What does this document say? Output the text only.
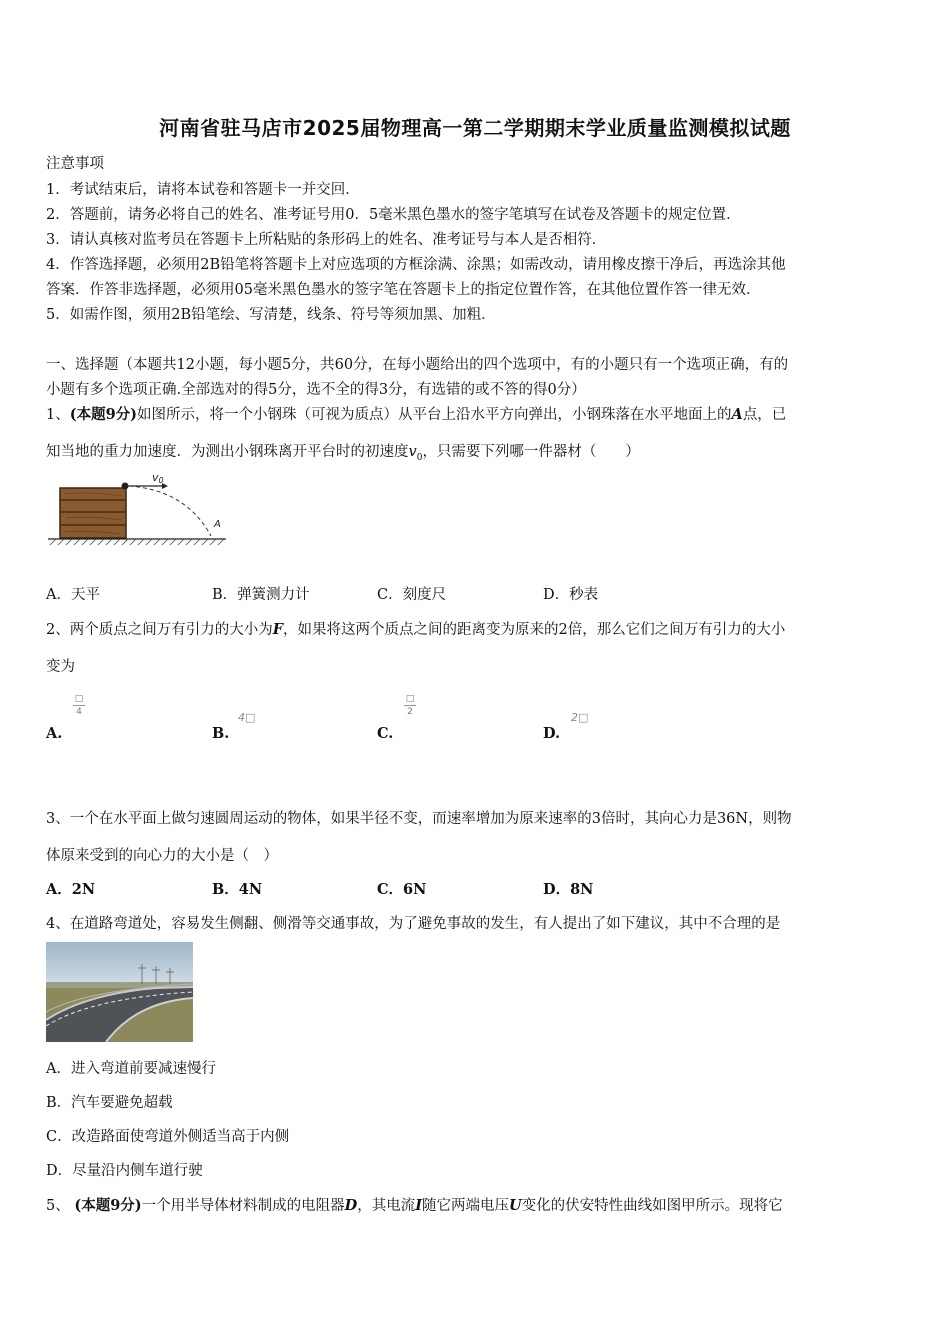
河南省驻马店市2025届物理高一第二学期期末学业质量监测模拟试题
注意事项
1．考试结束后，请将本试卷和答题卡一并交回．
2．答题前，请务必将自己的姓名、准考证号用0．5毫米黑色墨水的签字笔填写在试卷及答题卡的规定位置．
3．请认真核对监考员在答题卡上所粘贴的条形码上的姓名、准考证号与本人是否相符．
4．作答选择题，必须用2B铅笔将答题卡上对应选项的方框涂满、涂黑；如需改动，请用橡皮擦干净后，再选涂其他
答案．作答非选择题，必须用05毫米黑色墨水的签字笔在答题卡上的指定位置作答，在其他位置作答一律无效．
5．如需作图，须用2B铅笔绘、写清楚，线条、符号等须加黑、加粗．
一、选择题（本题共12小题，每小题5分，共60分，在每小题给出的四个选项中，有的小题只有一个选项正确，有的
小题有多个选项正确.全部选对的得5分，选不全的得3分，有选错的或不答的得0分）
1、(本题9分)如图所示，将一个小钢珠（可视为质点）从平台上沿水平方向弹出，小钢珠落在水平地面上的A点，已
知当地的重力加速度．为测出小钢珠离开平台时的初速度$v_0$，只需要下列哪一件器材（　　）
v0
A
A．天平	B．弹簧测力计	C．刻度尺	D．秒表
2、两个质点之间万有引力的大小为F，如果将这两个质点之间的距离变为原来的2倍，那么它们之间万有引力的大小
变为
A.
□
4
B.
4□
C.
□
2
D.
2□
3、一个在水平面上做匀速圆周运动的物体，如果半径不变，而速率增加为原来速率的3倍时，其向心力是36N，则物
体原来受到的向心力的大小是（　）
A．2N	B．4N	C．6N	D．8N
4、在道路弯道处，容易发生侧翻、侧滑等交通事故，为了避免事故的发生，有人提出了如下建议，其中不合理的是
A．进入弯道前要减速慢行
B．汽车要避免超载
C．改造路面使弯道外侧适当高于内侧
D．尽量沿内侧车道行驶
5、 (本题9分)一个用半导体材料制成的电阻器D，其电流I随它两端电压U变化的伏安特性曲线如图甲所示。现将它
